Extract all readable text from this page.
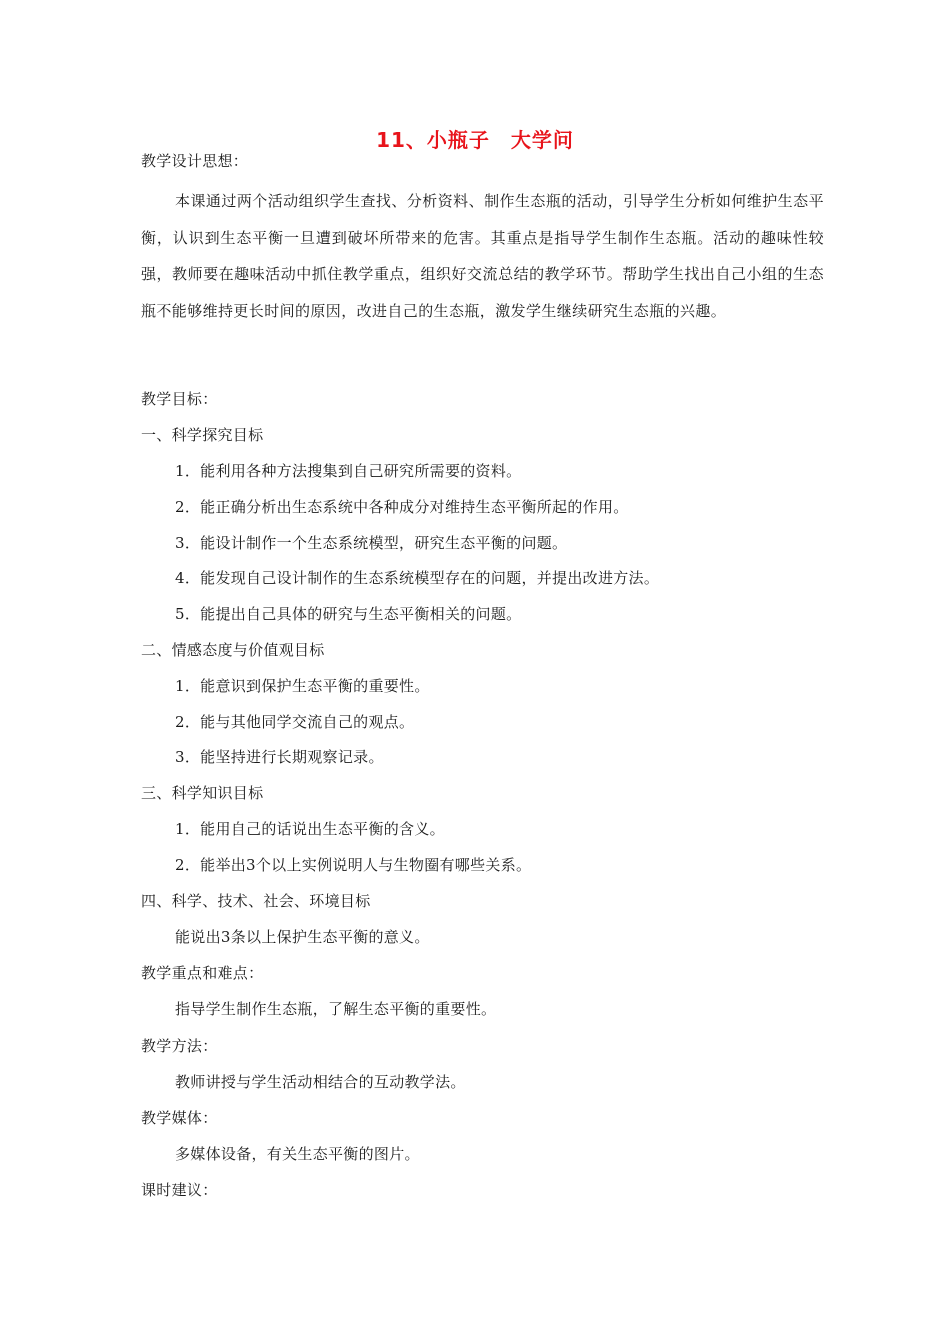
11、小瓶子　大学问
教学设计思想：

本课通过两个活动组织学生查找、分析资料、制作生态瓶的活动，引导学生分析如何维护生态平衡，认识到生态平衡一旦遭到破坏所带来的危害。其重点是指导学生制作生态瓶。活动的趣味性较强，教师要在趣味活动中抓住教学重点，组织好交流总结的教学环节。帮助学生找出自己小组的生态瓶不能够维持更长时间的原因，改进自己的生态瓶，激发学生继续研究生态瓶的兴趣。

教学目标：
一、科学探究目标
1．能利用各种方法搜集到自己研究所需要的资料。
2．能正确分析出生态系统中各种成分对维持生态平衡所起的作用。
3．能设计制作一个生态系统模型，研究生态平衡的问题。
4．能发现自己设计制作的生态系统模型存在的问题，并提出改进方法。
5．能提出自己具体的研究与生态平衡相关的问题。
二、情感态度与价值观目标
1．能意识到保护生态平衡的重要性。
2．能与其他同学交流自己的观点。
3．能坚持进行长期观察记录。
三、科学知识目标
1．能用自己的话说出生态平衡的含义。
2．能举出3个以上实例说明人与生物圈有哪些关系。
四、科学、技术、社会、环境目标
能说出3条以上保护生态平衡的意义。
教学重点和难点：
指导学生制作生态瓶，了解生态平衡的重要性。
教学方法：
教师讲授与学生活动相结合的互动教学法。
教学媒体：
多媒体设备，有关生态平衡的图片。
课时建议：
